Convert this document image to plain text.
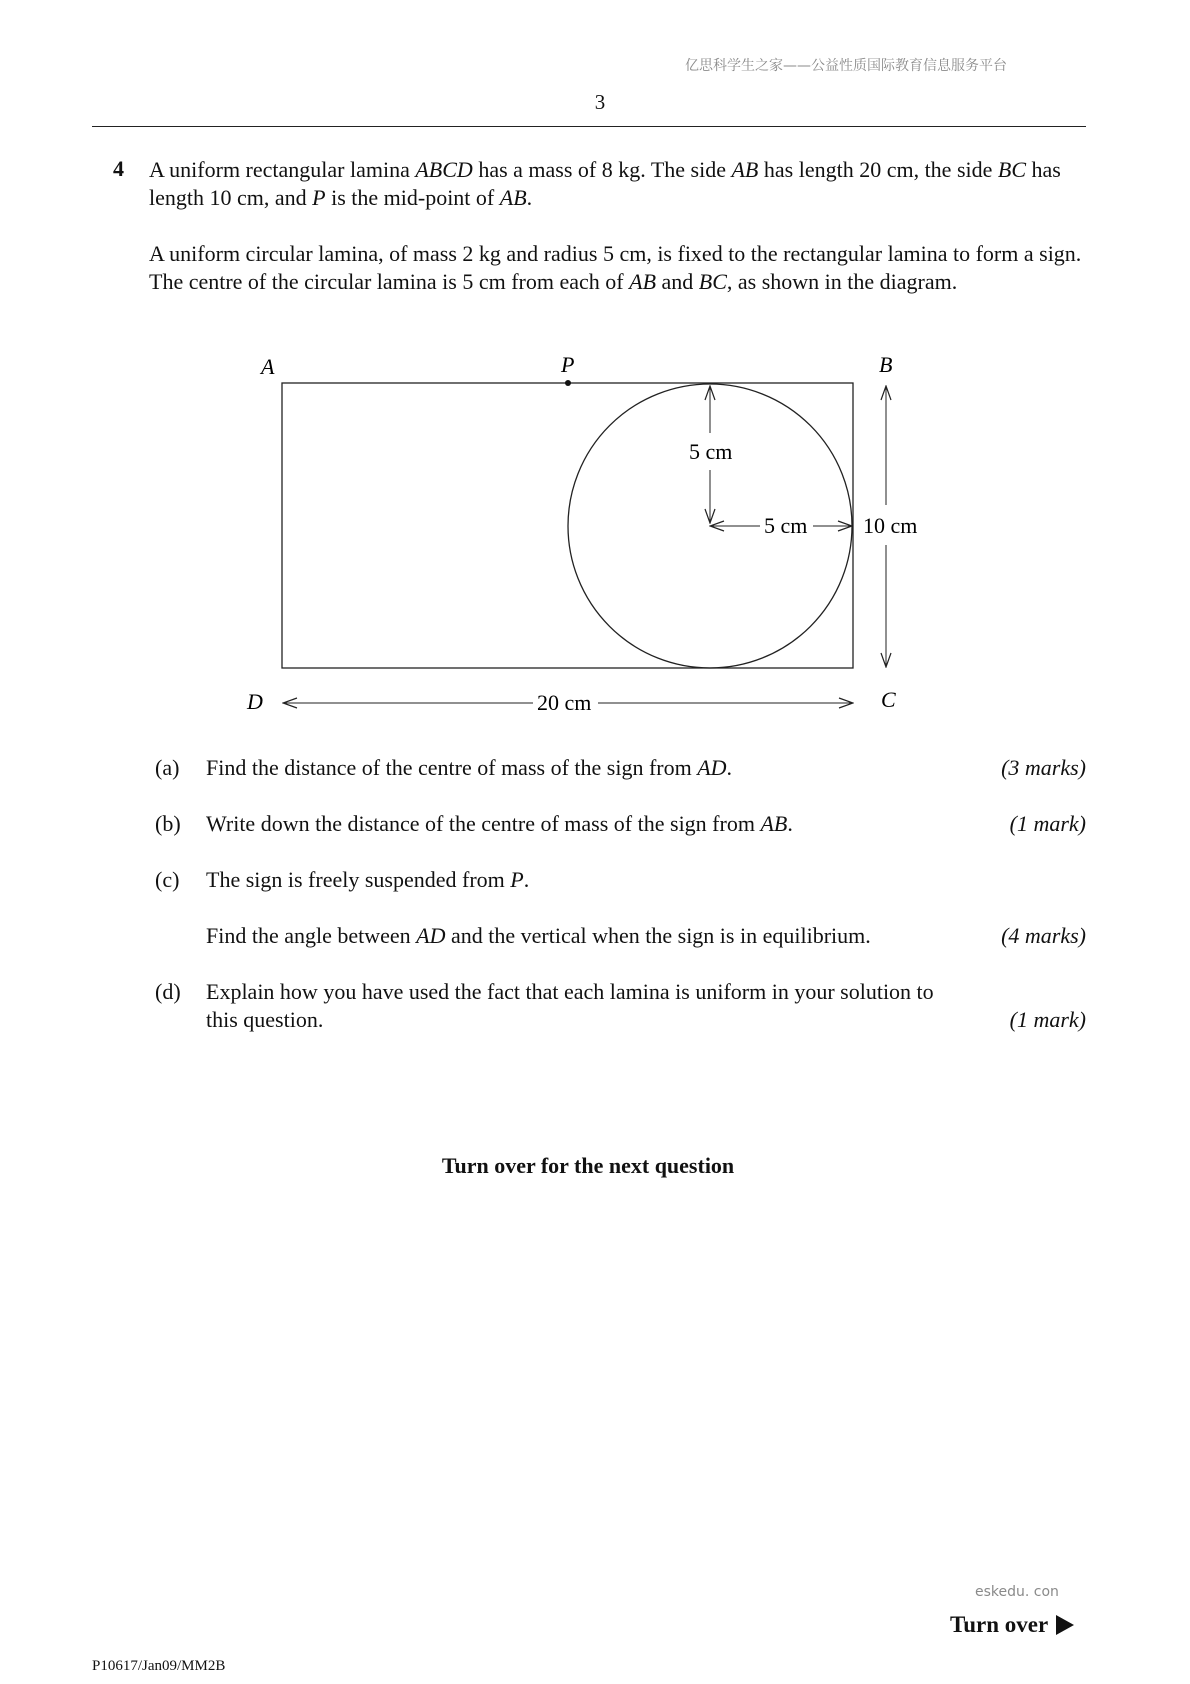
亿思科学生之家——公益性质国际教育信息服务平台
3
4 A uniform rectangular lamina ABCD has a mass of 8 kg. The side AB has length 20 cm, the side BC has length 10 cm, and P is the mid-point of AB.
A uniform circular lamina, of mass 2 kg and radius 5 cm, is fixed to the rectangular lamina to form a sign. The centre of the circular lamina is 5 cm from each of AB and BC, as shown in the diagram.
A	P	B
C
D
5 cm
5 cm	10 cm
20 cm
(a) Find the distance of the centre of mass of the sign from AD.	(3 marks)
(b) Write down the distance of the centre of mass of the sign from AB.	(1 mark)
(c) The sign is freely suspended from P.
Find the angle between AD and the vertical when the sign is in equilibrium.	(4 marks)
(d) Explain how you have used the fact that each lamina is uniform in your solution to
this question.	(1 mark)
Turn over for the next question
eskedu. con
Turn over
P10617/Jan09/MM2B
